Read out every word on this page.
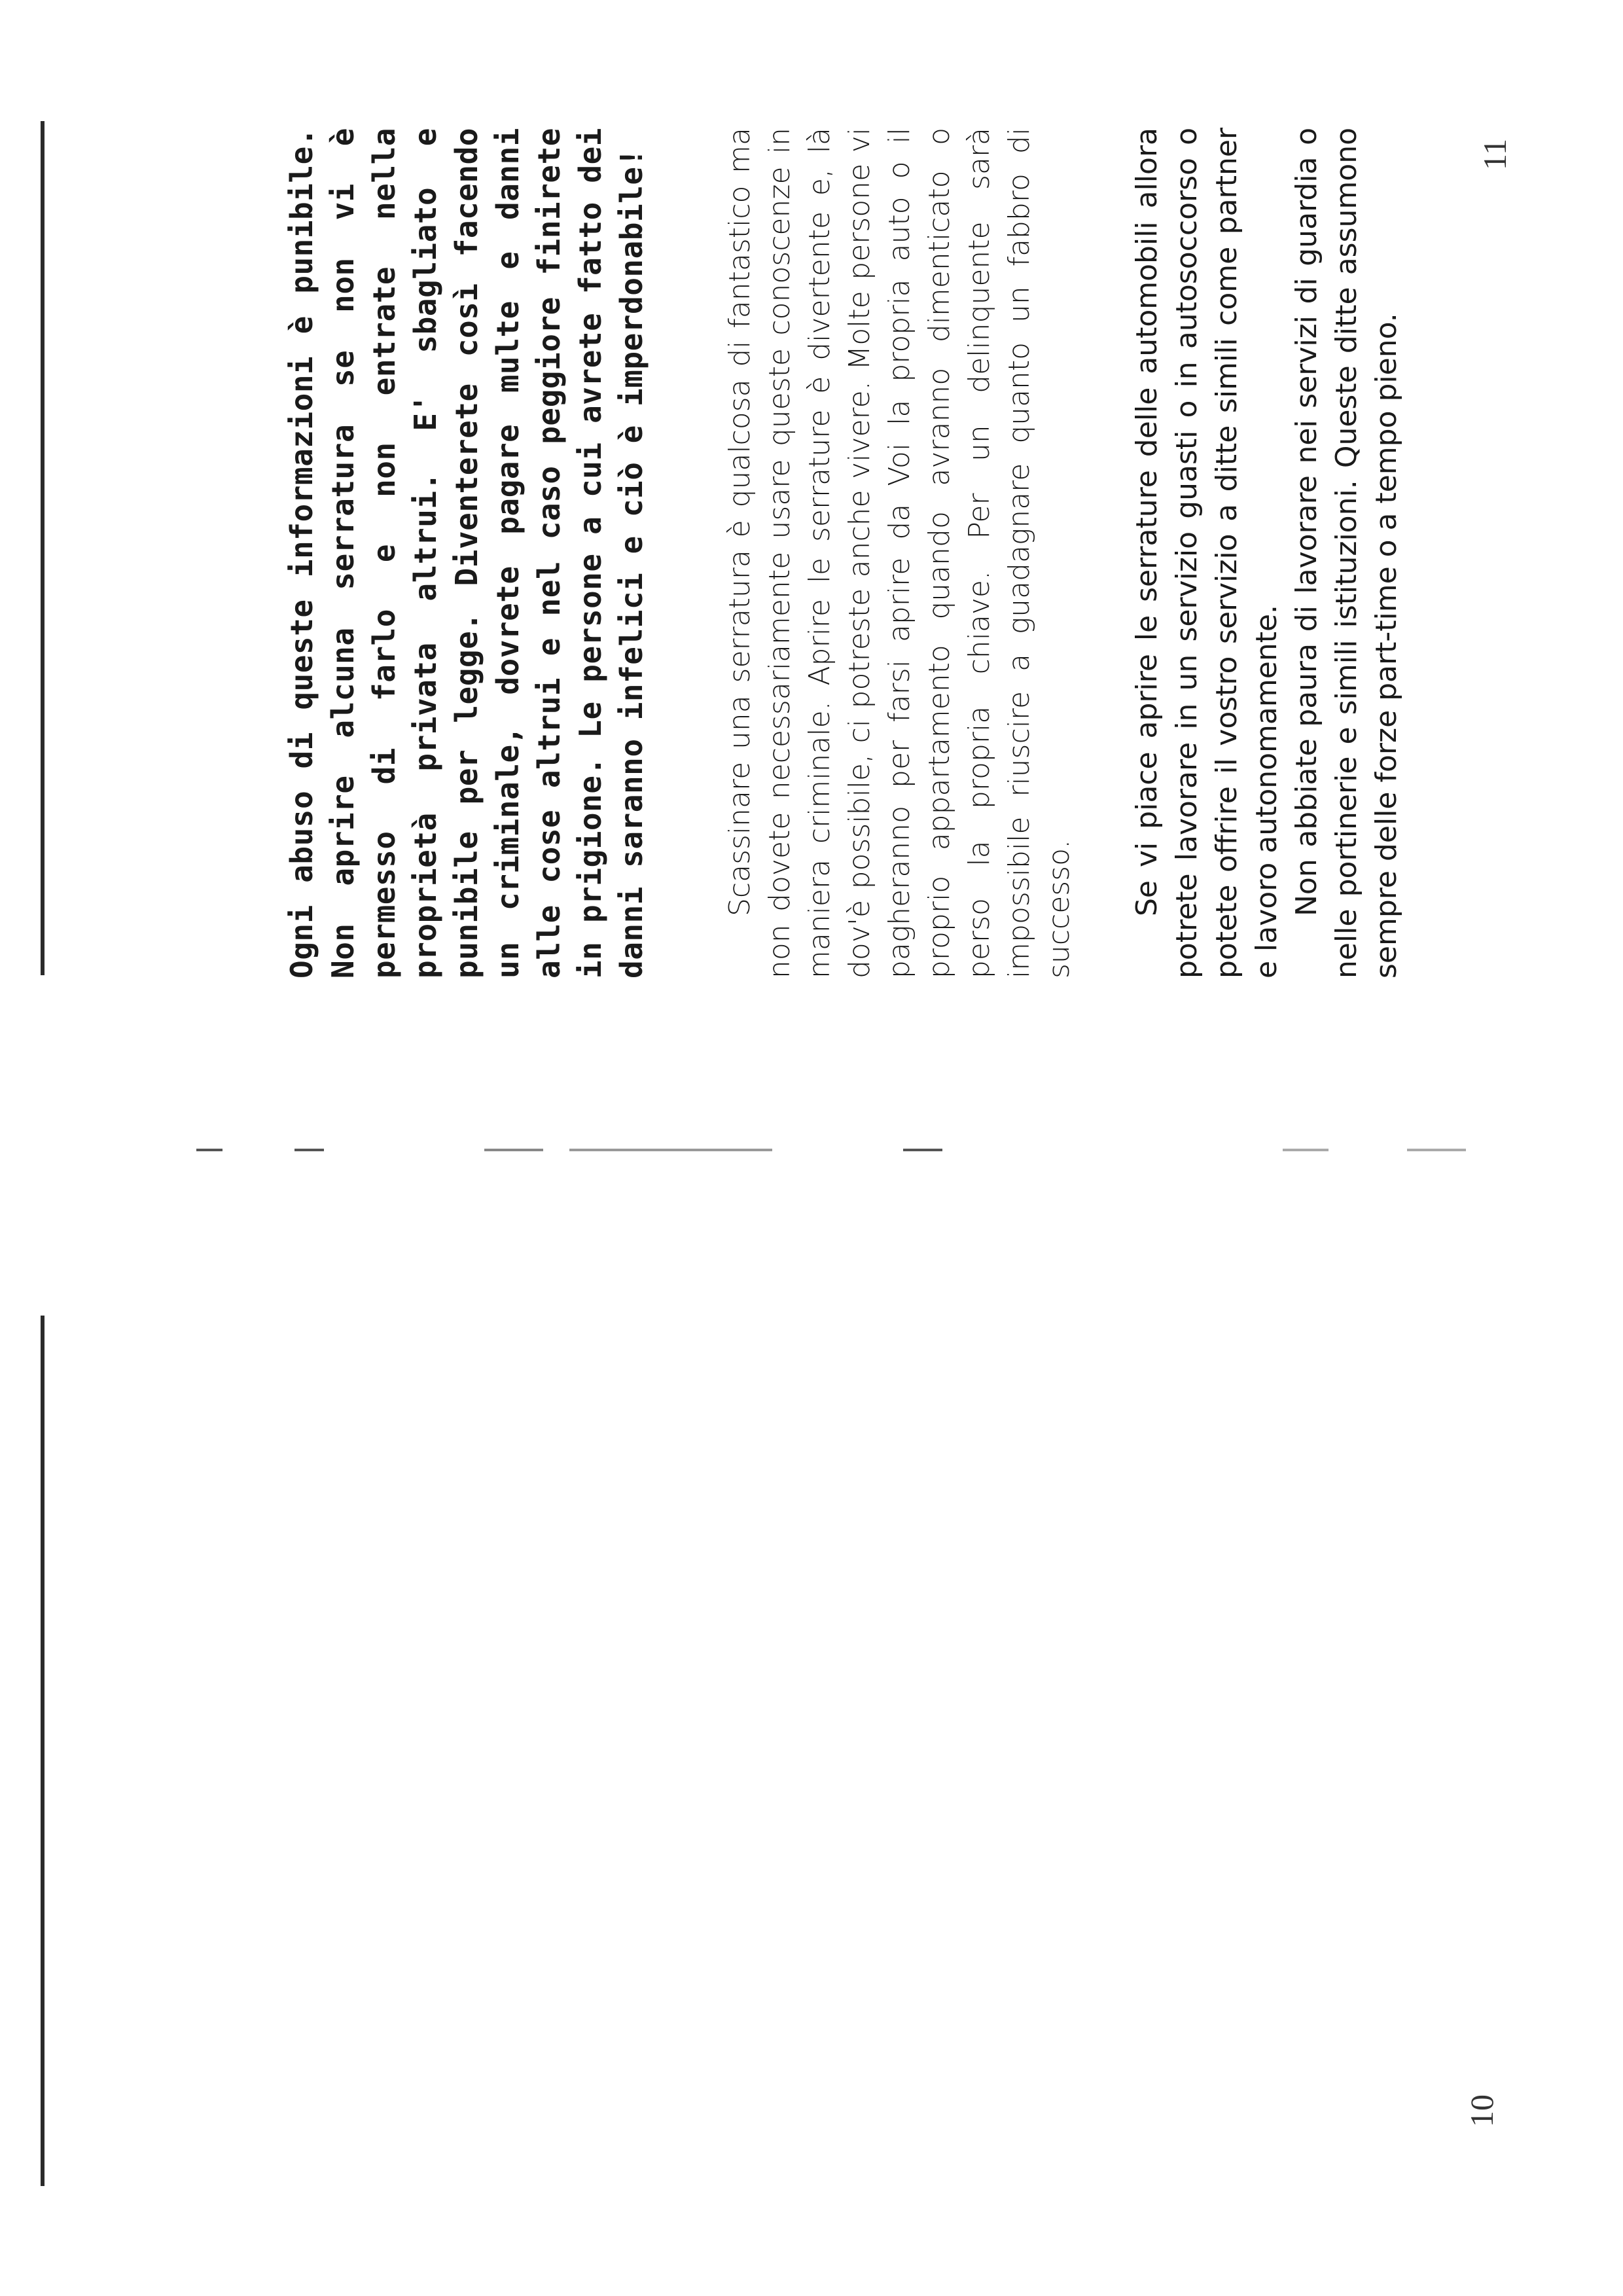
Ogni abuso di queste informazioni è punibile. Non aprire alcuna serratura se non vi è permesso di farlo e non entrate nella proprietà privata altrui. E' sbagliato e punibile per legge. Diventerete così facendo un criminale, dovrete pagare multe e danni alle cose altrui e nel caso peggiore finirete in prigione. Le persone a cui avrete fatto dei danni saranno infelici e ciò è imperdonabile!	Scassinare una serratura è qualcosa di fantastico ma non dovete necessariamente usare queste conoscenze in maniera criminale. Aprire le serrature è divertente e, là dov'è possibile, ci potreste anche vivere. Molte persone vi pagheranno per farsi aprire da Voi la propria auto o il proprio appartamento quando avranno dimenticato o perso la propria chiave. Per un delinquente sarà impossibile riuscire a guadagnare quanto un fabbro di successo. Se vi piace aprire le serrature delle automobili allora potrete lavorare in un servizio guasti o in autosoccorso o potete offrire il vostro servizio a ditte simili come partner e lavoro autonomamente. Non abbiate paura di lavorare nei servizi di guardia o nelle portinerie e simili istituzioni. Queste ditte assumono sempre delle forze part-time o a tempo pieno.

10
11
